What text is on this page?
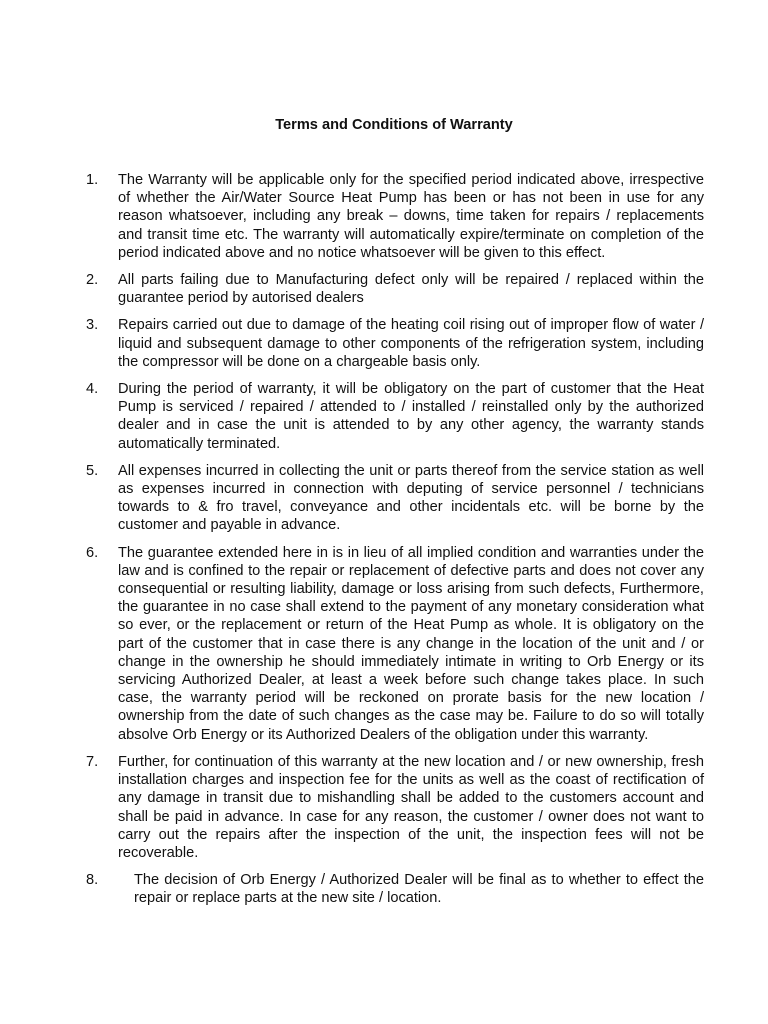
Terms and Conditions of Warranty
1. The Warranty will be applicable only for the specified period indicated above, irrespective of whether the Air/Water Source Heat Pump has been or has not been in use for any reason whatsoever, including any break – downs, time taken for repairs / replacements and transit time etc. The warranty will automatically expire/terminate on completion of the period indicated above and no notice whatsoever will be given to this effect.
2. All parts failing due to Manufacturing defect only will be repaired / replaced within the guarantee period by autorised dealers
3. Repairs carried out due to damage of the heating coil rising out of improper flow of water / liquid and subsequent damage to other components of the refrigeration system, including the compressor will be done on a chargeable basis only.
4. During the period of warranty, it will be obligatory on the part of customer that the Heat Pump is serviced / repaired / attended to / installed / reinstalled only by the authorized dealer and in case the unit is attended to by any other agency, the warranty stands automatically terminated.
5. All expenses incurred in collecting the unit or parts thereof from the service station as well as expenses incurred in connection with deputing of service personnel / technicians towards to & fro travel, conveyance and other incidentals etc. will be borne by the customer and payable in advance.
6. The guarantee extended here in is in lieu of all implied condition and warranties under the law and is confined to the repair or replacement of defective parts and does not cover any consequential or resulting liability, damage or loss arising from such defects, Furthermore, the guarantee in no case shall extend to the payment of any monetary consideration what so ever, or the replacement or return of the Heat Pump as whole. It is obligatory on the part of the customer that in case there is any change in the location of the unit and / or change in the ownership he should immediately intimate in writing to Orb Energy or its servicing Authorized Dealer, at least a week before such change takes place. In such case, the warranty period will be reckoned on prorate basis for the new location / ownership from the date of such changes as the case may be. Failure to do so will totally absolve Orb Energy or its Authorized Dealers of the obligation under this warranty.
7. Further, for continuation of this warranty at the new location and / or new ownership, fresh installation charges and inspection fee for the units as well as the coast of rectification of any damage in transit due to mishandling shall be added to the customers account and shall be paid in advance. In case for any reason, the customer / owner does not want to carry out the repairs after the inspection of the unit, the inspection fees will not be recoverable.
8. The decision of Orb Energy / Authorized Dealer will be final as to whether to effect the repair or replace parts at the new site / location.
